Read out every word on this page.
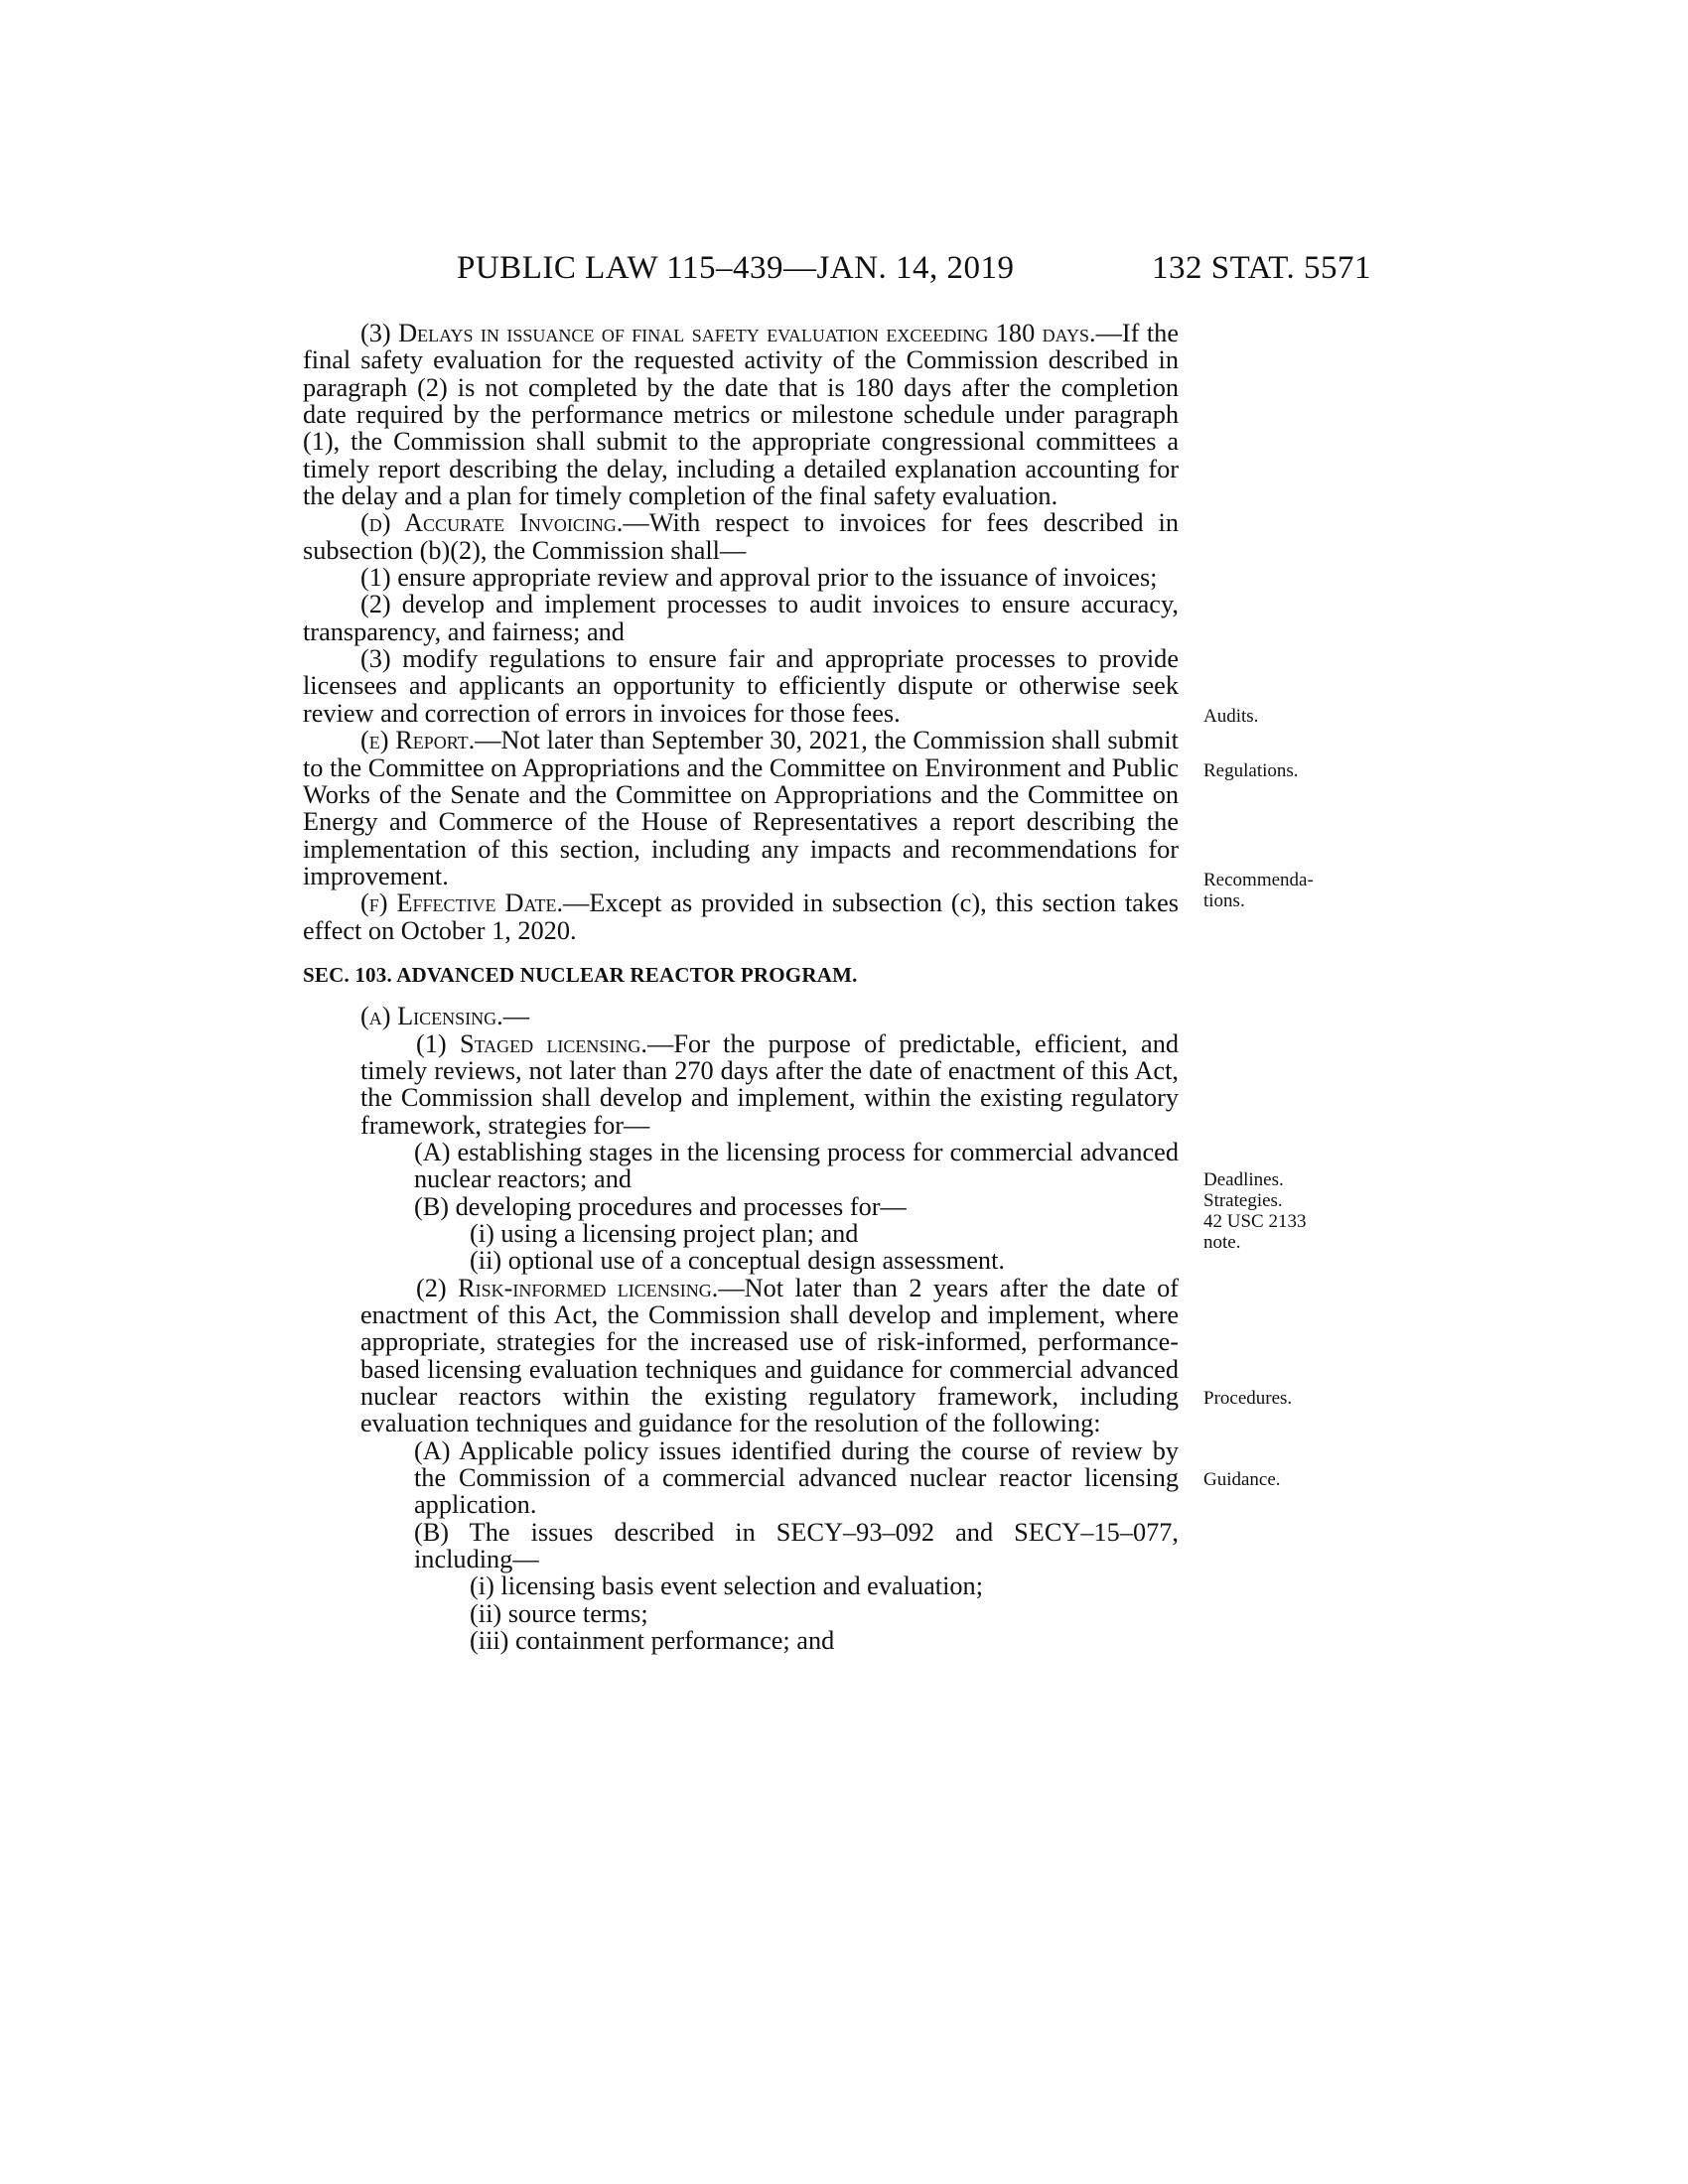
PUBLIC LAW 115–439—JAN. 14, 2019	132 STAT. 5571

(3) Delays in issuance of final safety evaluation exceeding 180 days.—If the final safety evaluation for the requested activity of the Commission described in paragraph (2) is not completed by the date that is 180 days after the completion date required by the performance metrics or milestone schedule under paragraph (1), the Commission shall submit to the appropriate congressional committees a timely report describing the delay, including a detailed explanation accounting for the delay and a plan for timely completion of the final safety evaluation.

(d) Accurate Invoicing.—With respect to invoices for fees described in subsection (b)(2), the Commission shall—

(1) ensure appropriate review and approval prior to the issuance of invoices;

(2) develop and implement processes to audit invoices to ensure accuracy, transparency, and fairness; and

(3) modify regulations to ensure fair and appropriate processes to provide licensees and applicants an opportunity to efficiently dispute or otherwise seek review and correction of errors in invoices for those fees.

(e) Report.—Not later than September 30, 2021, the Commission shall submit to the Committee on Appropriations and the Committee on Environment and Public Works of the Senate and the Committee on Appropriations and the Committee on Energy and Commerce of the House of Representatives a report describing the implementation of this section, including any impacts and recommendations for improvement.

(f) Effective Date.—Except as provided in subsection (c), this section takes effect on October 1, 2020.

SEC. 103. ADVANCED NUCLEAR REACTOR PROGRAM.

(a) Licensing.—

(1) Staged licensing.—For the purpose of predictable, efficient, and timely reviews, not later than 270 days after the date of enactment of this Act, the Commission shall develop and implement, within the existing regulatory framework, strategies for—

(A) establishing stages in the licensing process for commercial advanced nuclear reactors; and

(B) developing procedures and processes for—

(i) using a licensing project plan; and

(ii) optional use of a conceptual design assessment.

(2) Risk-informed licensing.—Not later than 2 years after the date of enactment of this Act, the Commission shall develop and implement, where appropriate, strategies for the increased use of risk-informed, performance-based licensing evaluation techniques and guidance for commercial advanced nuclear reactors within the existing regulatory framework, including evaluation techniques and guidance for the resolution of the following:

(A) Applicable policy issues identified during the course of review by the Commission of a commercial advanced nuclear reactor licensing application.

(B) The issues described in SECY–93–092 and SECY–15–077, including—

(i) licensing basis event selection and evaluation;

(ii) source terms;

(iii) containment performance; and

Audits.
Regulations.
Recommenda-
tions.
Deadlines.
Strategies.
42 USC 2133
note.
Procedures.
Guidance.
